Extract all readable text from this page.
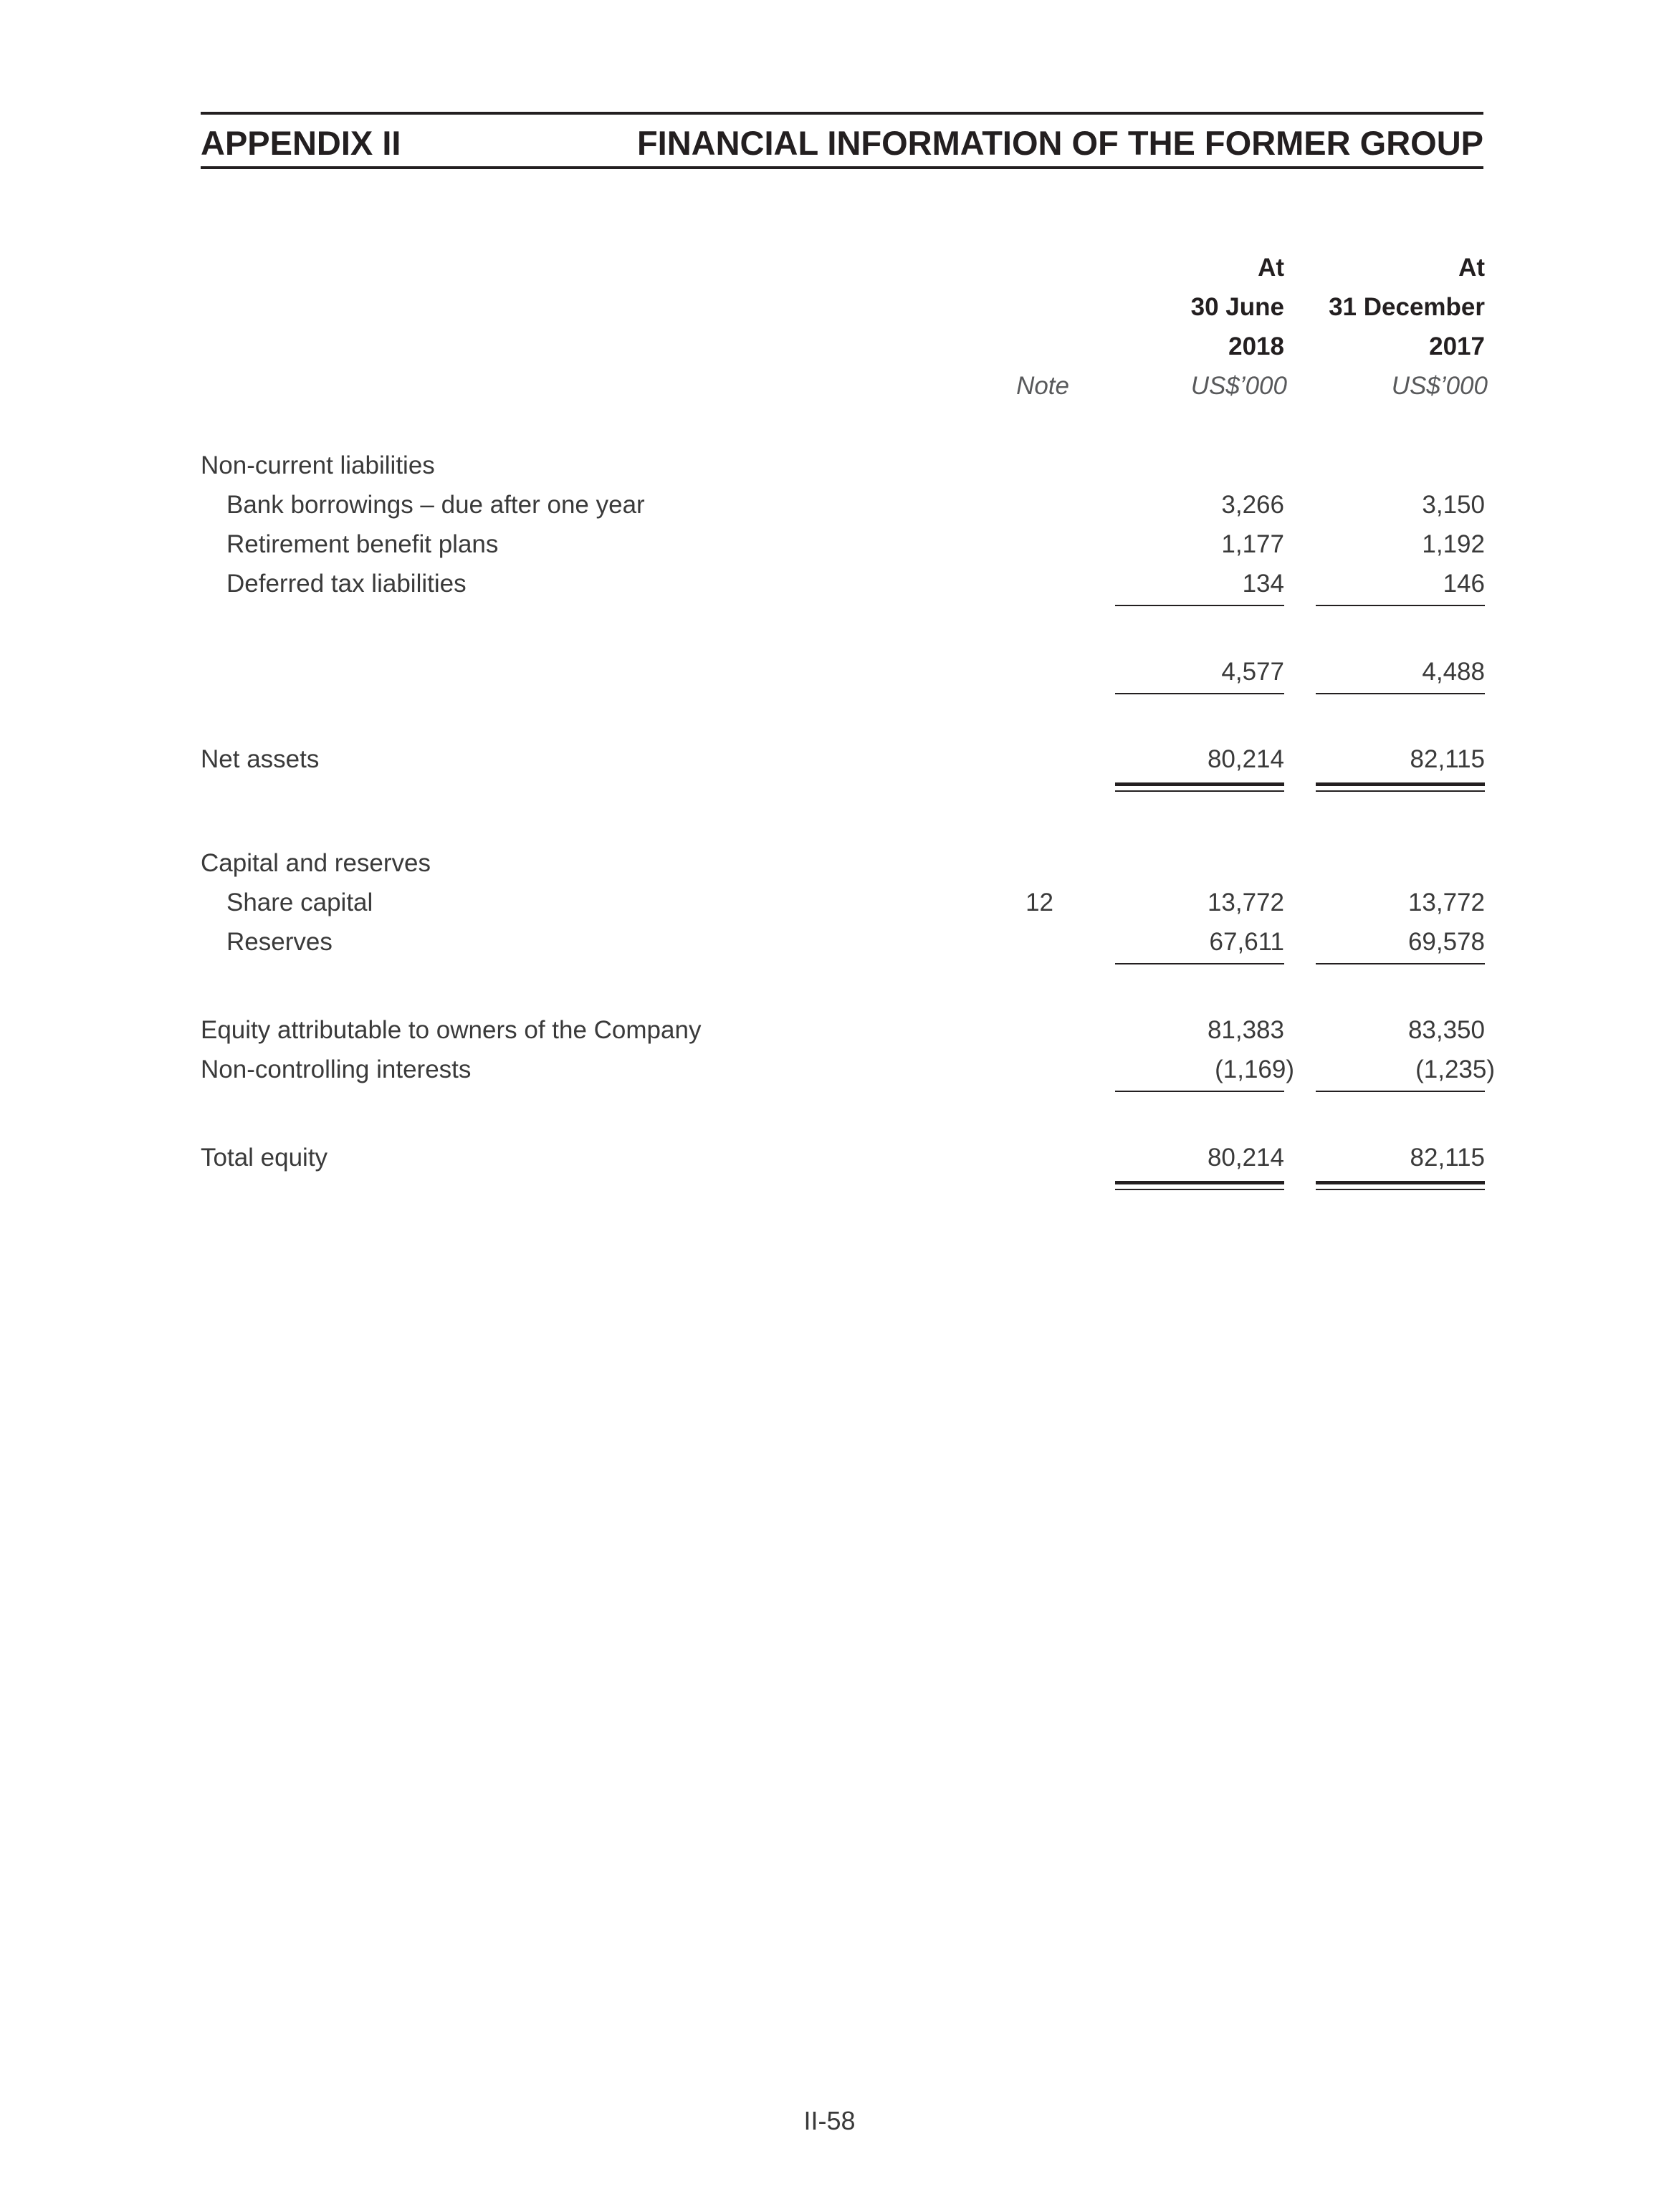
APPENDIX II	FINANCIAL INFORMATION OF THE FORMER GROUP
At	At
30 June	31 December
2018	2017
Note	US$’000	US$’000
Non-current liabilities
Bank borrowings – due after one year	3,266	3,150
Retirement benefit plans	1,177	1,192
Deferred tax liabilities	134	146
4,577	4,488
Net assets	80,214	82,115
Capital and reserves
Share capital	12	13,772	13,772
Reserves	67,611	69,578
Equity attributable to owners of the Company	81,383	83,350
Non-controlling interests	(1,169)	(1,235)
Total equity	80,214	82,115
II-58
